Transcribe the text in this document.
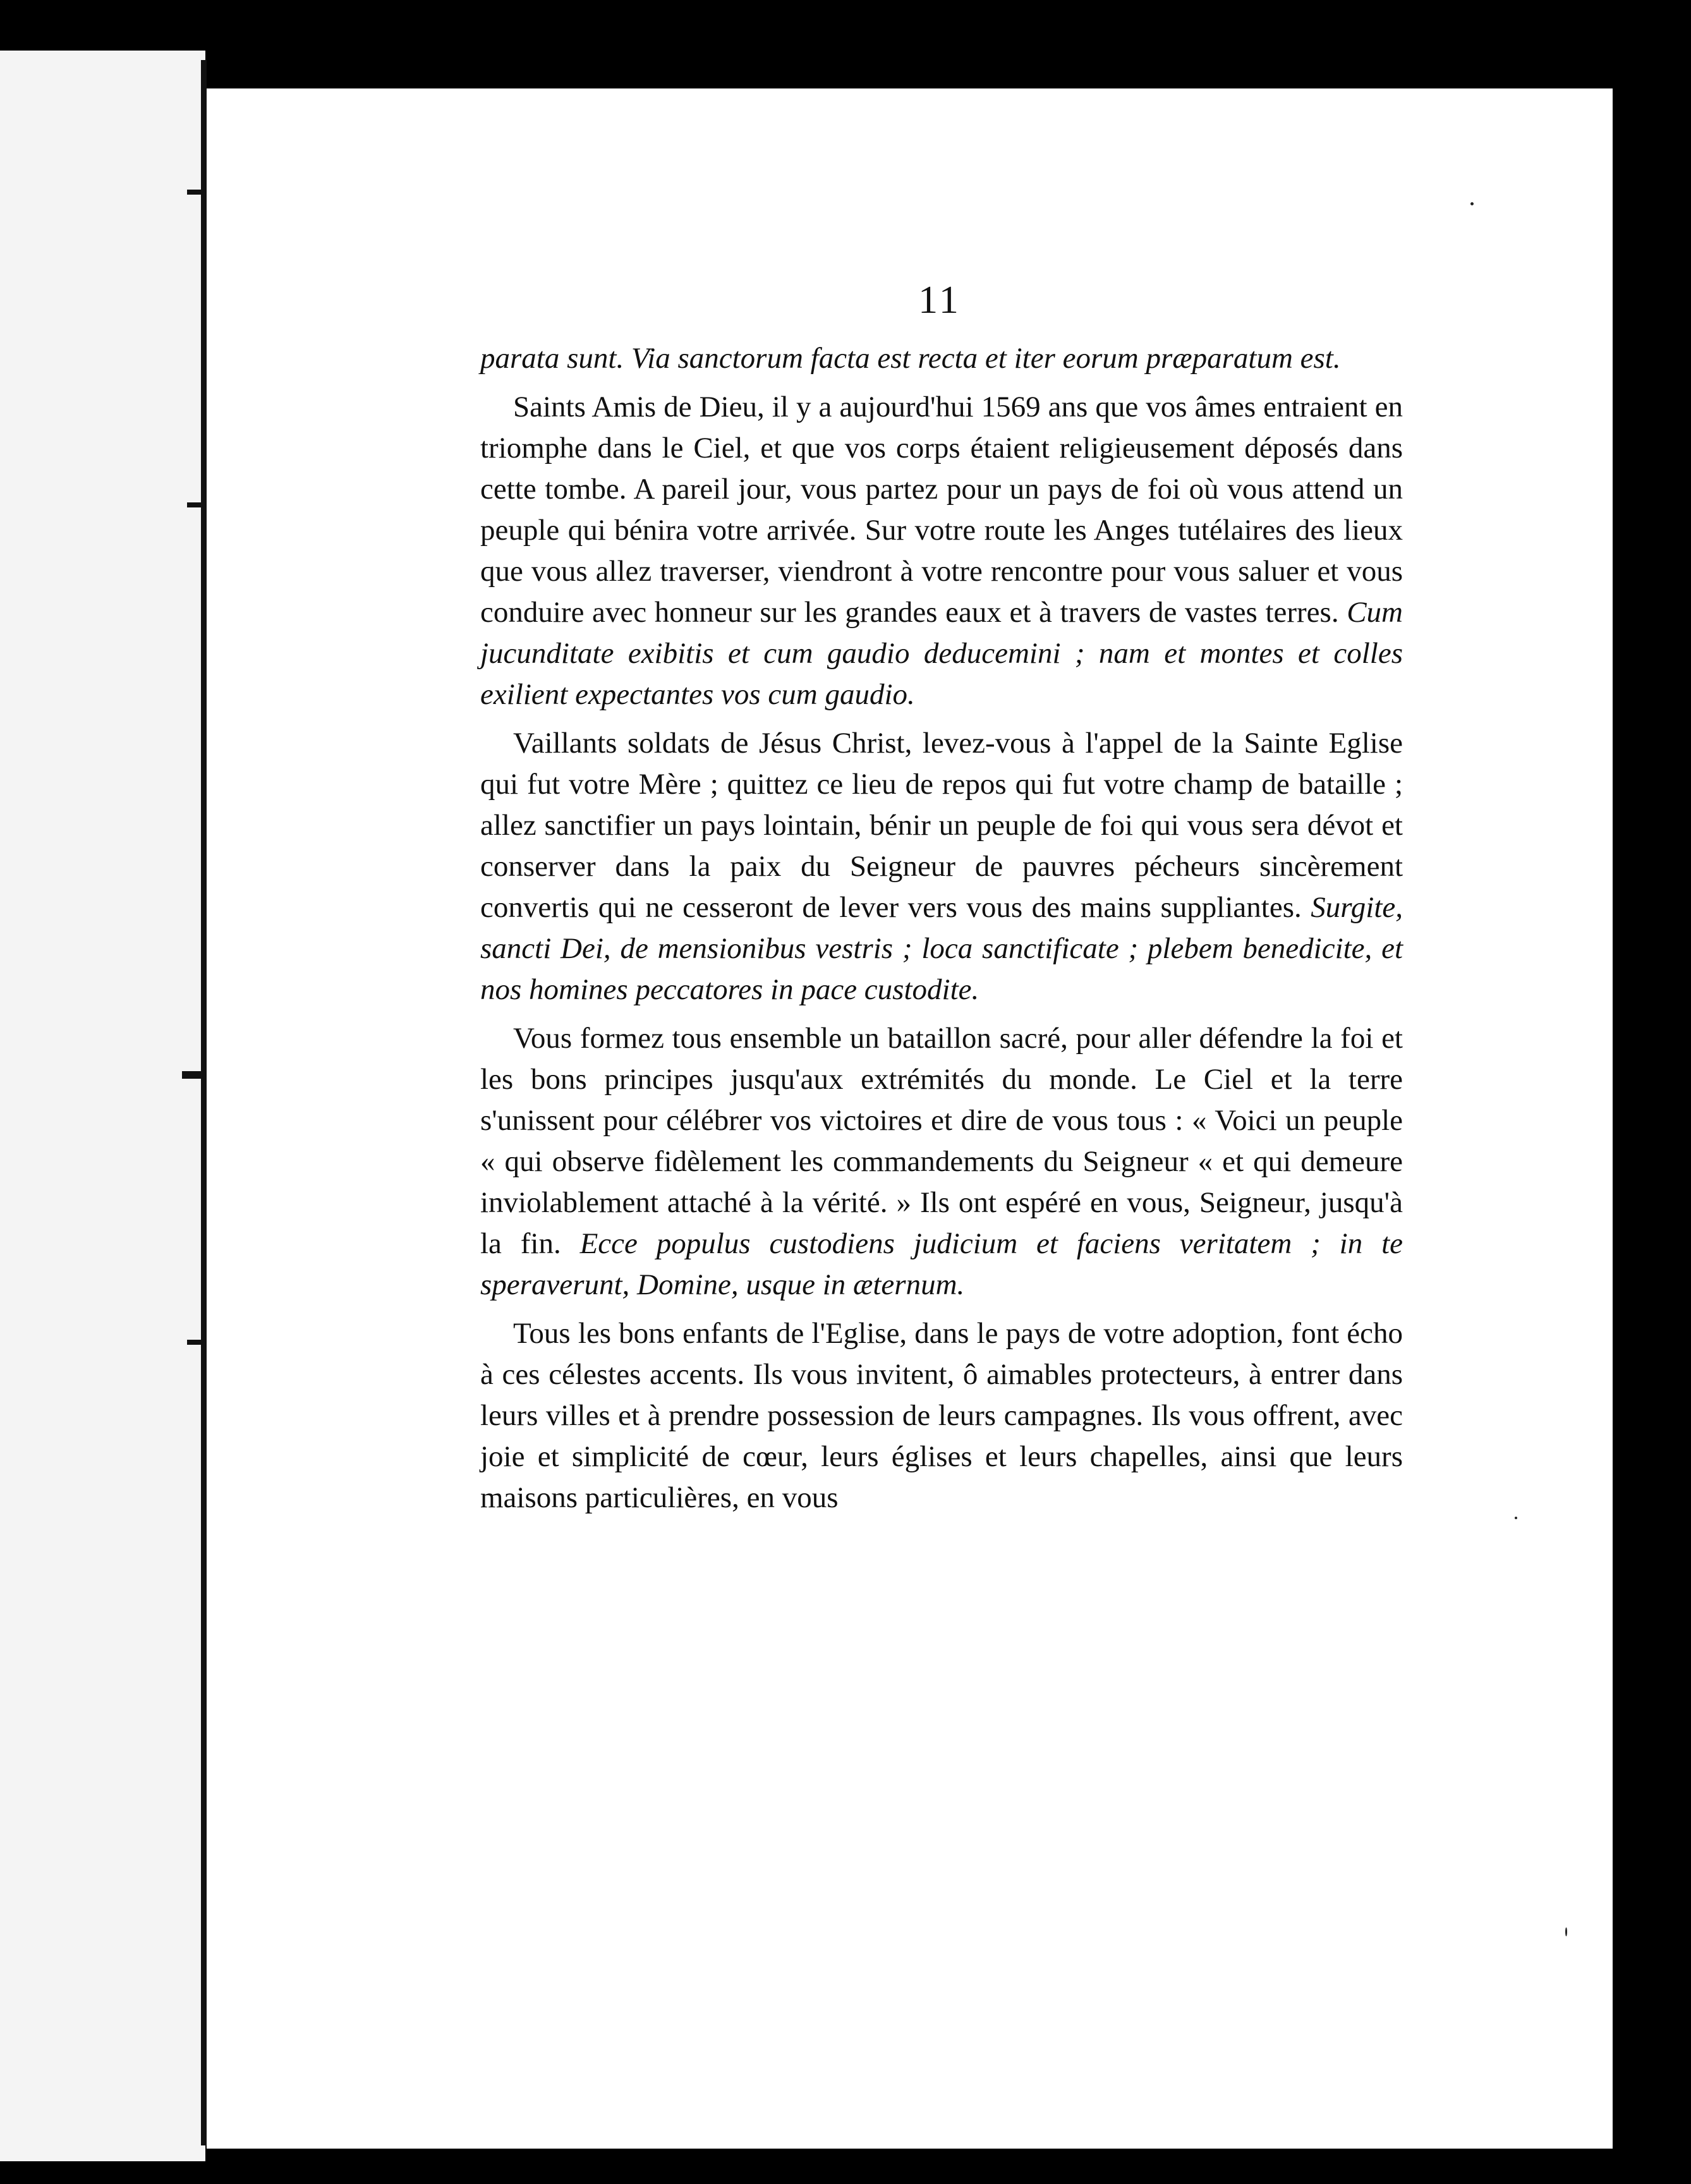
11

parata sunt. Via sanctorum facta est recta et iter eorum præparatum est.

Saints Amis de Dieu, il y a aujourd'hui 1569 ans que vos âmes entraient en triomphe dans le Ciel, et que vos corps étaient religieusement déposés dans cette tombe. A pareil jour, vous partez pour un pays de foi où vous attend un peuple qui bénira votre arrivée. Sur votre route les Anges tutélaires des lieux que vous allez traverser, viendront à votre rencontre pour vous saluer et vous conduire avec honneur sur les grandes eaux et à travers de vastes terres. Cum jucunditate exibitis et cum gaudio deducemini ; nam et montes et colles exilient expectantes vos cum gaudio.

Vaillants soldats de Jésus Christ, levez-vous à l'appel de la Sainte Eglise qui fut votre Mère ; quittez ce lieu de repos qui fut votre champ de bataille ; allez sanctifier un pays lointain, bénir un peuple de foi qui vous sera dévot et conserver dans la paix du Seigneur de pauvres pécheurs sincèrement convertis qui ne cesseront de lever vers vous des mains suppliantes. Surgite, sancti Dei, de mensionibus vestris ; loca sanctificate ; plebem benedicite, et nos homines peccatores in pace custodite.

Vous formez tous ensemble un bataillon sacré, pour aller défendre la foi et les bons principes jusqu'aux extrémités du monde. Le Ciel et la terre s'unissent pour célébrer vos victoires et dire de vous tous : « Voici un peuple « qui observe fidèlement les commandements du Seigneur « et qui demeure inviolablement attaché à la vérité. » Ils ont espéré en vous, Seigneur, jusqu'à la fin. Ecce populus custodiens judicium et faciens veritatem ; in te speraverunt, Domine, usque in æternum.

Tous les bons enfants de l'Eglise, dans le pays de votre adoption, font écho à ces célestes accents. Ils vous invitent, ô aimables protecteurs, à entrer dans leurs villes et à prendre possession de leurs campagnes. Ils vous offrent, avec joie et simplicité de cœur, leurs églises et leurs chapelles, ainsi que leurs maisons particulières, en vous
